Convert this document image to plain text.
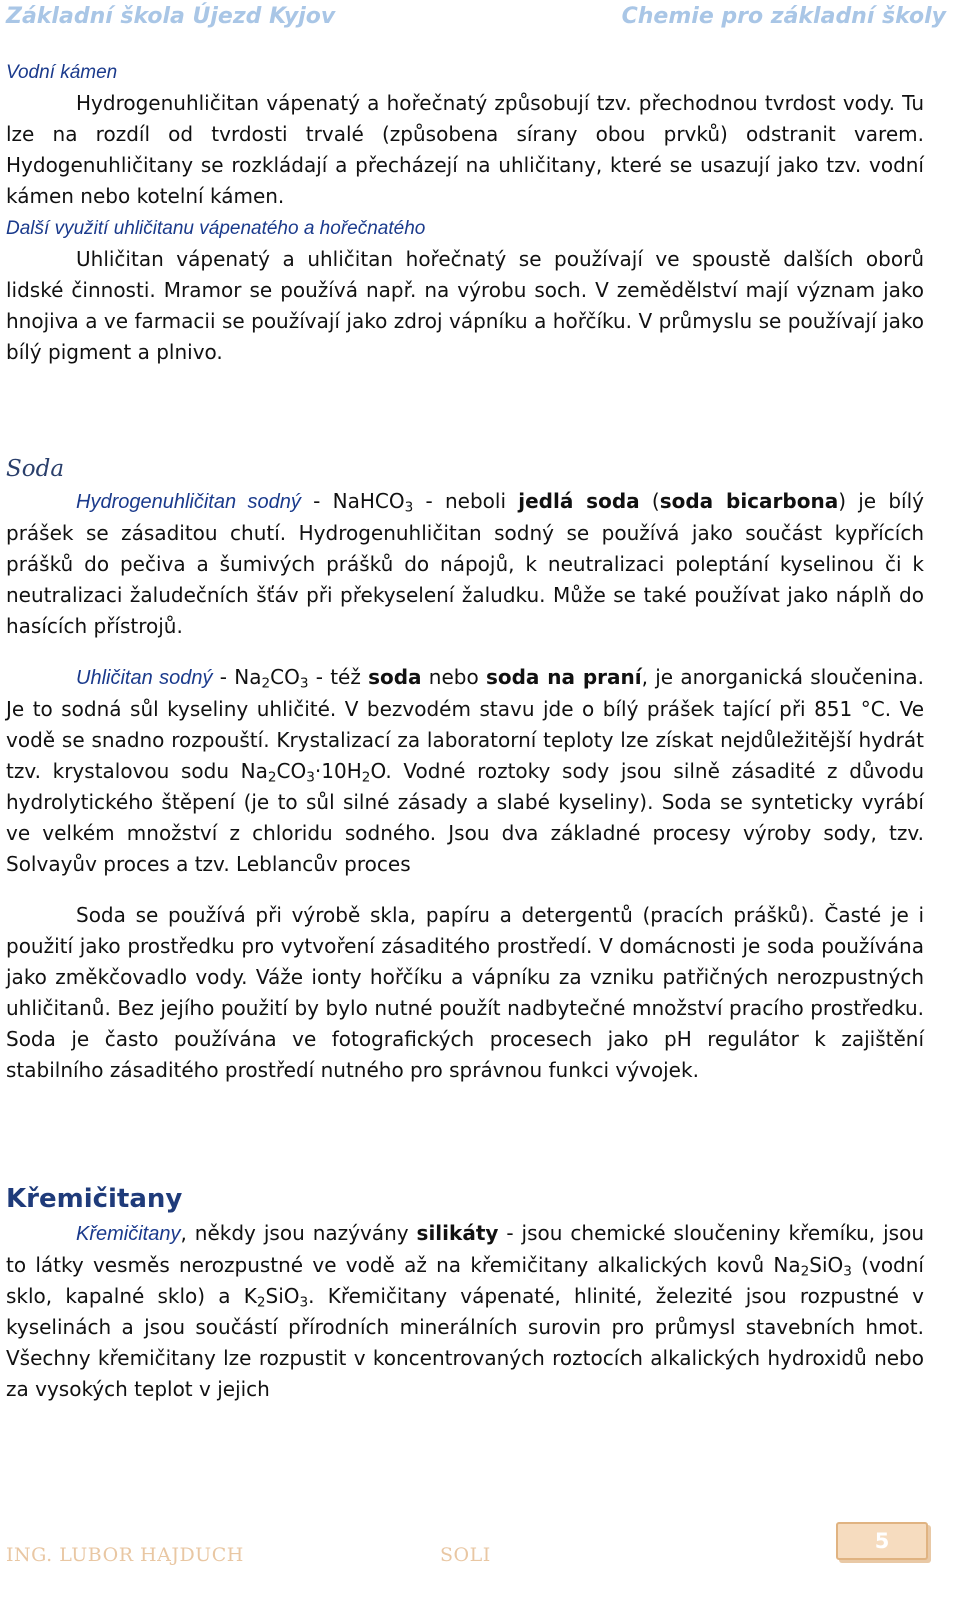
Základní škola Újezd Kyjov	Chemie pro základní školy

Vodní kámen

Hydrogenuhličitan vápenatý a hořečnatý způsobují tzv. přechodnou tvrdost vody. Tu lze na rozdíl od tvrdosti trvalé (způsobena sírany obou prvků) odstranit varem. Hydogenuhličitany se rozkládají a přecházejí na uhličitany, které se usazují jako tzv. vodní kámen nebo kotelní kámen.

Další využití uhličitanu vápenatého a hořečnatého

Uhličitan vápenatý a uhličitan hořečnatý se používají ve spoustě dalších oborů lidské činnosti. Mramor se používá např. na výrobu soch. V zemědělství mají význam jako hnojiva a ve farmacii se používají jako zdroj vápníku a hořčíku. V průmyslu se používají jako bílý pigment a plnivo.

Soda

Hydrogenuhličitan sodný - NaHCO$_3$ - neboli jedlá soda (soda bicarbona) je bílý prášek se zásaditou chutí. Hydrogenuhličitan sodný se používá jako součást kypřících prášků do pečiva a šumivých prášků do nápojů, k neutralizaci poleptání kyselinou či k neutralizaci žaludečních šťáv při překyselení žaludku. Může se také používat jako náplň do hasících přístrojů.

Uhličitan sodný - $Na_2CO_3$ - též soda nebo soda na praní, je anorganická sloučenina. Je to sodná sůl kyseliny uhličité. V bezvodém stavu jde o bílý prášek tající při 851 °C. Ve vodě se snadno rozpouští. Krystalizací za laboratorní teploty lze získat nejdůležitější hydrát tzv. krystalovou sodu $Na_2CO_3\cdot 10H_2O$. Vodné roztoky sody jsou silně zásadité z důvodu hydrolytického štěpení (je to sůl silné zásady a slabé kyseliny). Soda se synteticky vyrábí ve velkém množství z chloridu sodného. Jsou dva základné procesy výroby sody, tzv. Solvayův proces a tzv. Leblancův proces

Soda se používá při výrobě skla, papíru a detergentů (pracích prášků). Časté je i použití jako prostředku pro vytvoření zásaditého prostředí. V domácnosti je soda používána jako změkčovadlo vody. Váže ionty hořčíku a vápníku za vzniku patřičných nerozpustných uhličitanů. Bez jejího použití by bylo nutné použít nadbytečné množství pracího prostředku. Soda je často používána ve fotografických procesech jako pH regulátor k zajištění stabilního zásaditého prostředí nutného pro správnou funkci vývojek.

Křemičitany

Křemičitany, někdy jsou nazývány silikáty - jsou chemické sloučeniny křemíku, jsou to látky vesměs nerozpustné ve vodě až na křemičitany alkalických kovů $Na_2SiO_3$ (vodní sklo, kapalné sklo) a $K_2SiO_3$. Křemičitany vápenaté, hlinité, železité jsou rozpustné v kyselinách a jsou součástí přírodních minerálních surovin pro průmysl stavebních hmot. Všechny křemičitany lze rozpustit v koncentrovaných roztocích alkalických hydroxidů nebo za vysokých teplot v jejich

ING. LUBOR HAJDUCH	SOLI
5
